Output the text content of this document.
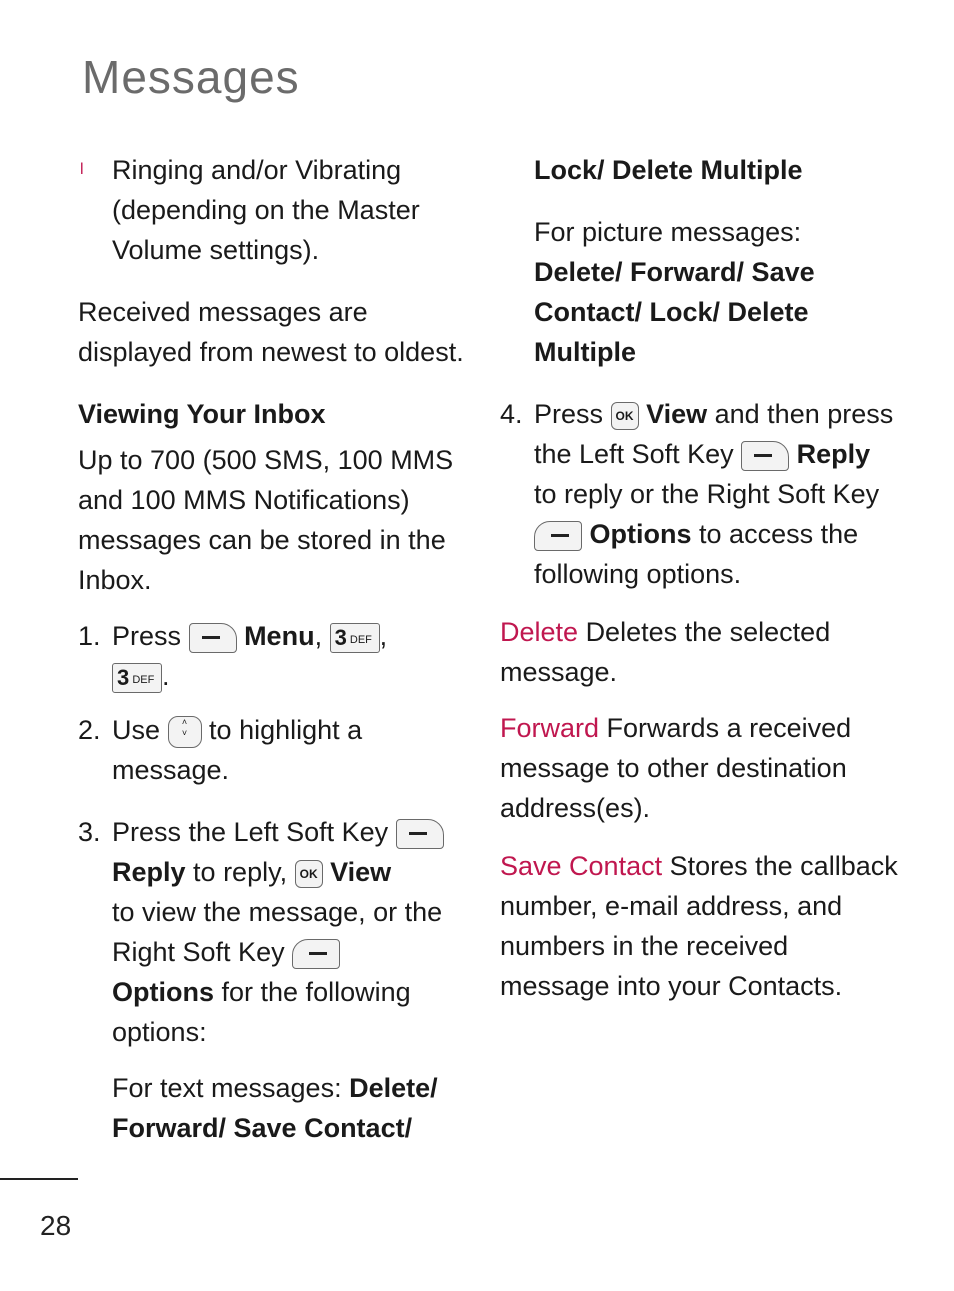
Messages
l Ringing and/or Vibrating (depending on the Master Volume settings).

Received messages are displayed from newest to oldest.

Viewing Your Inbox

Up to 700 (500 SMS, 100 MMS and 100 MMS Notifications) messages can be stored in the Inbox.

1. Press Menu, 3 DEF ,
3 DEF .
2. Use ˄
˅ to highlight a message.
3. Press the Left Soft Key
Reply to reply, OK View
to view the message, or the Right Soft Key
Options for the following options:
For text messages: Delete/ Forward/ Save Contact/

Lock/ Delete Multiple

For picture messages:
Delete/ Forward/ Save Contact/ Lock/ Delete Multiple
4. Press OK View and then press the Left Soft Key Reply to reply or the Right Soft Key  Options to access the following options.

Delete Deletes the selected message.

Forward Forwards a received message to other destination address(es).

Save Contact Stores the callback number, e-mail address, and numbers in the received message into your Contacts.

28
